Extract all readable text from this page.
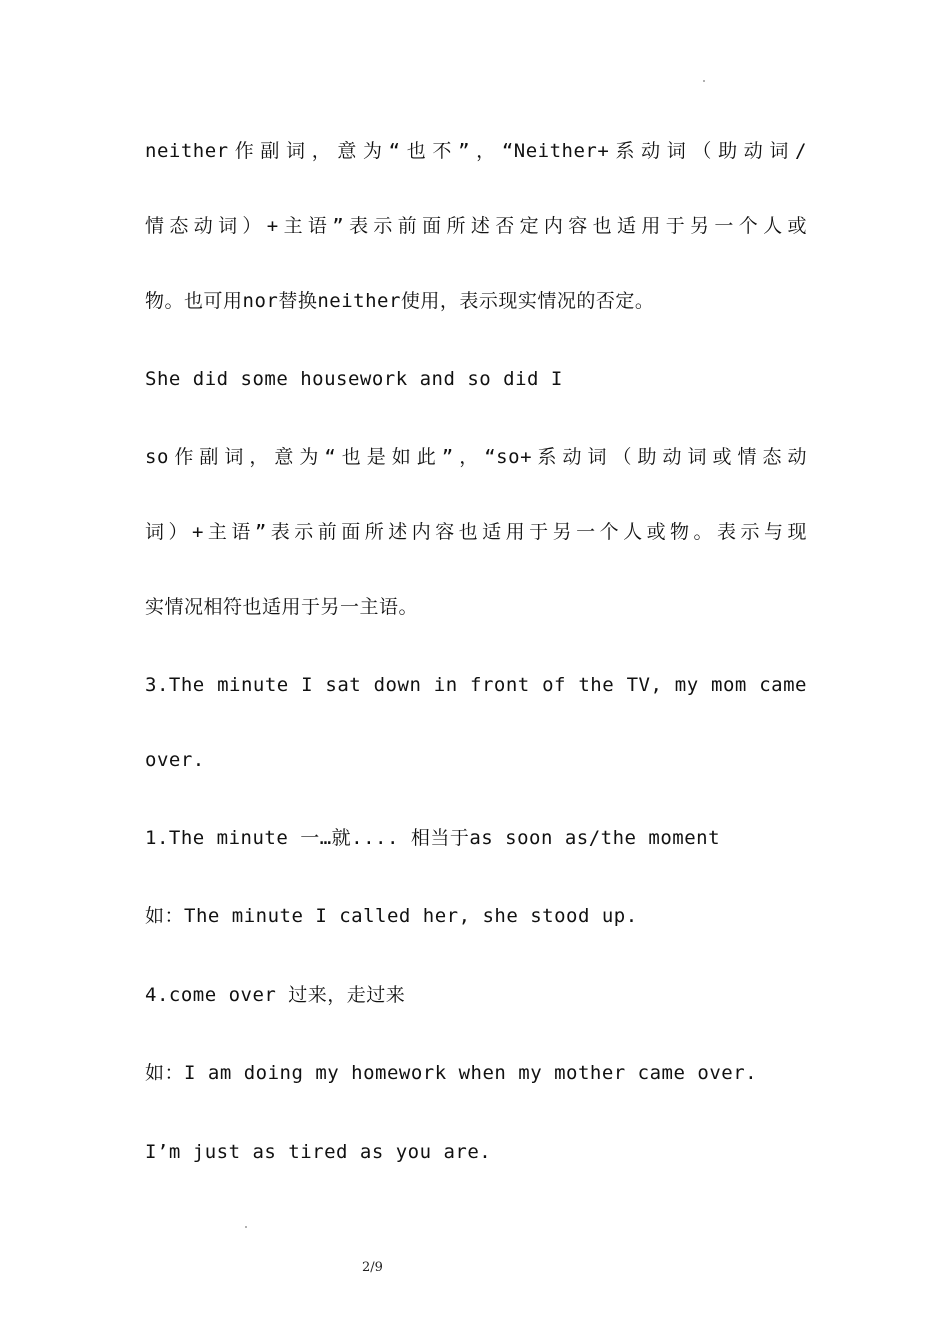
neither作副词，意为“也不”，“Neither+系动词（助动词/
情态动词）+主语”表示前面所述否定内容也适用于另一个人或
物。也可用nor替换neither使用，表示现实情况的否定。
She did some housework and so did I
so作副词，意为“也是如此”，“so+系动词（助动词或情态动
词）+主语”表示前面所述内容也适用于另一个人或物。表示与现
实情况相符也适用于另一主语。
3.The minute I sat down in front of the TV, my mom came
over.
1.The minute 一…就.... 相当于as soon as/the moment
如：The minute I called her, she stood up.
4.come over 过来，走过来
如：I am doing my homework when my mother came over.
I’m just as tired as you are.
2/9
